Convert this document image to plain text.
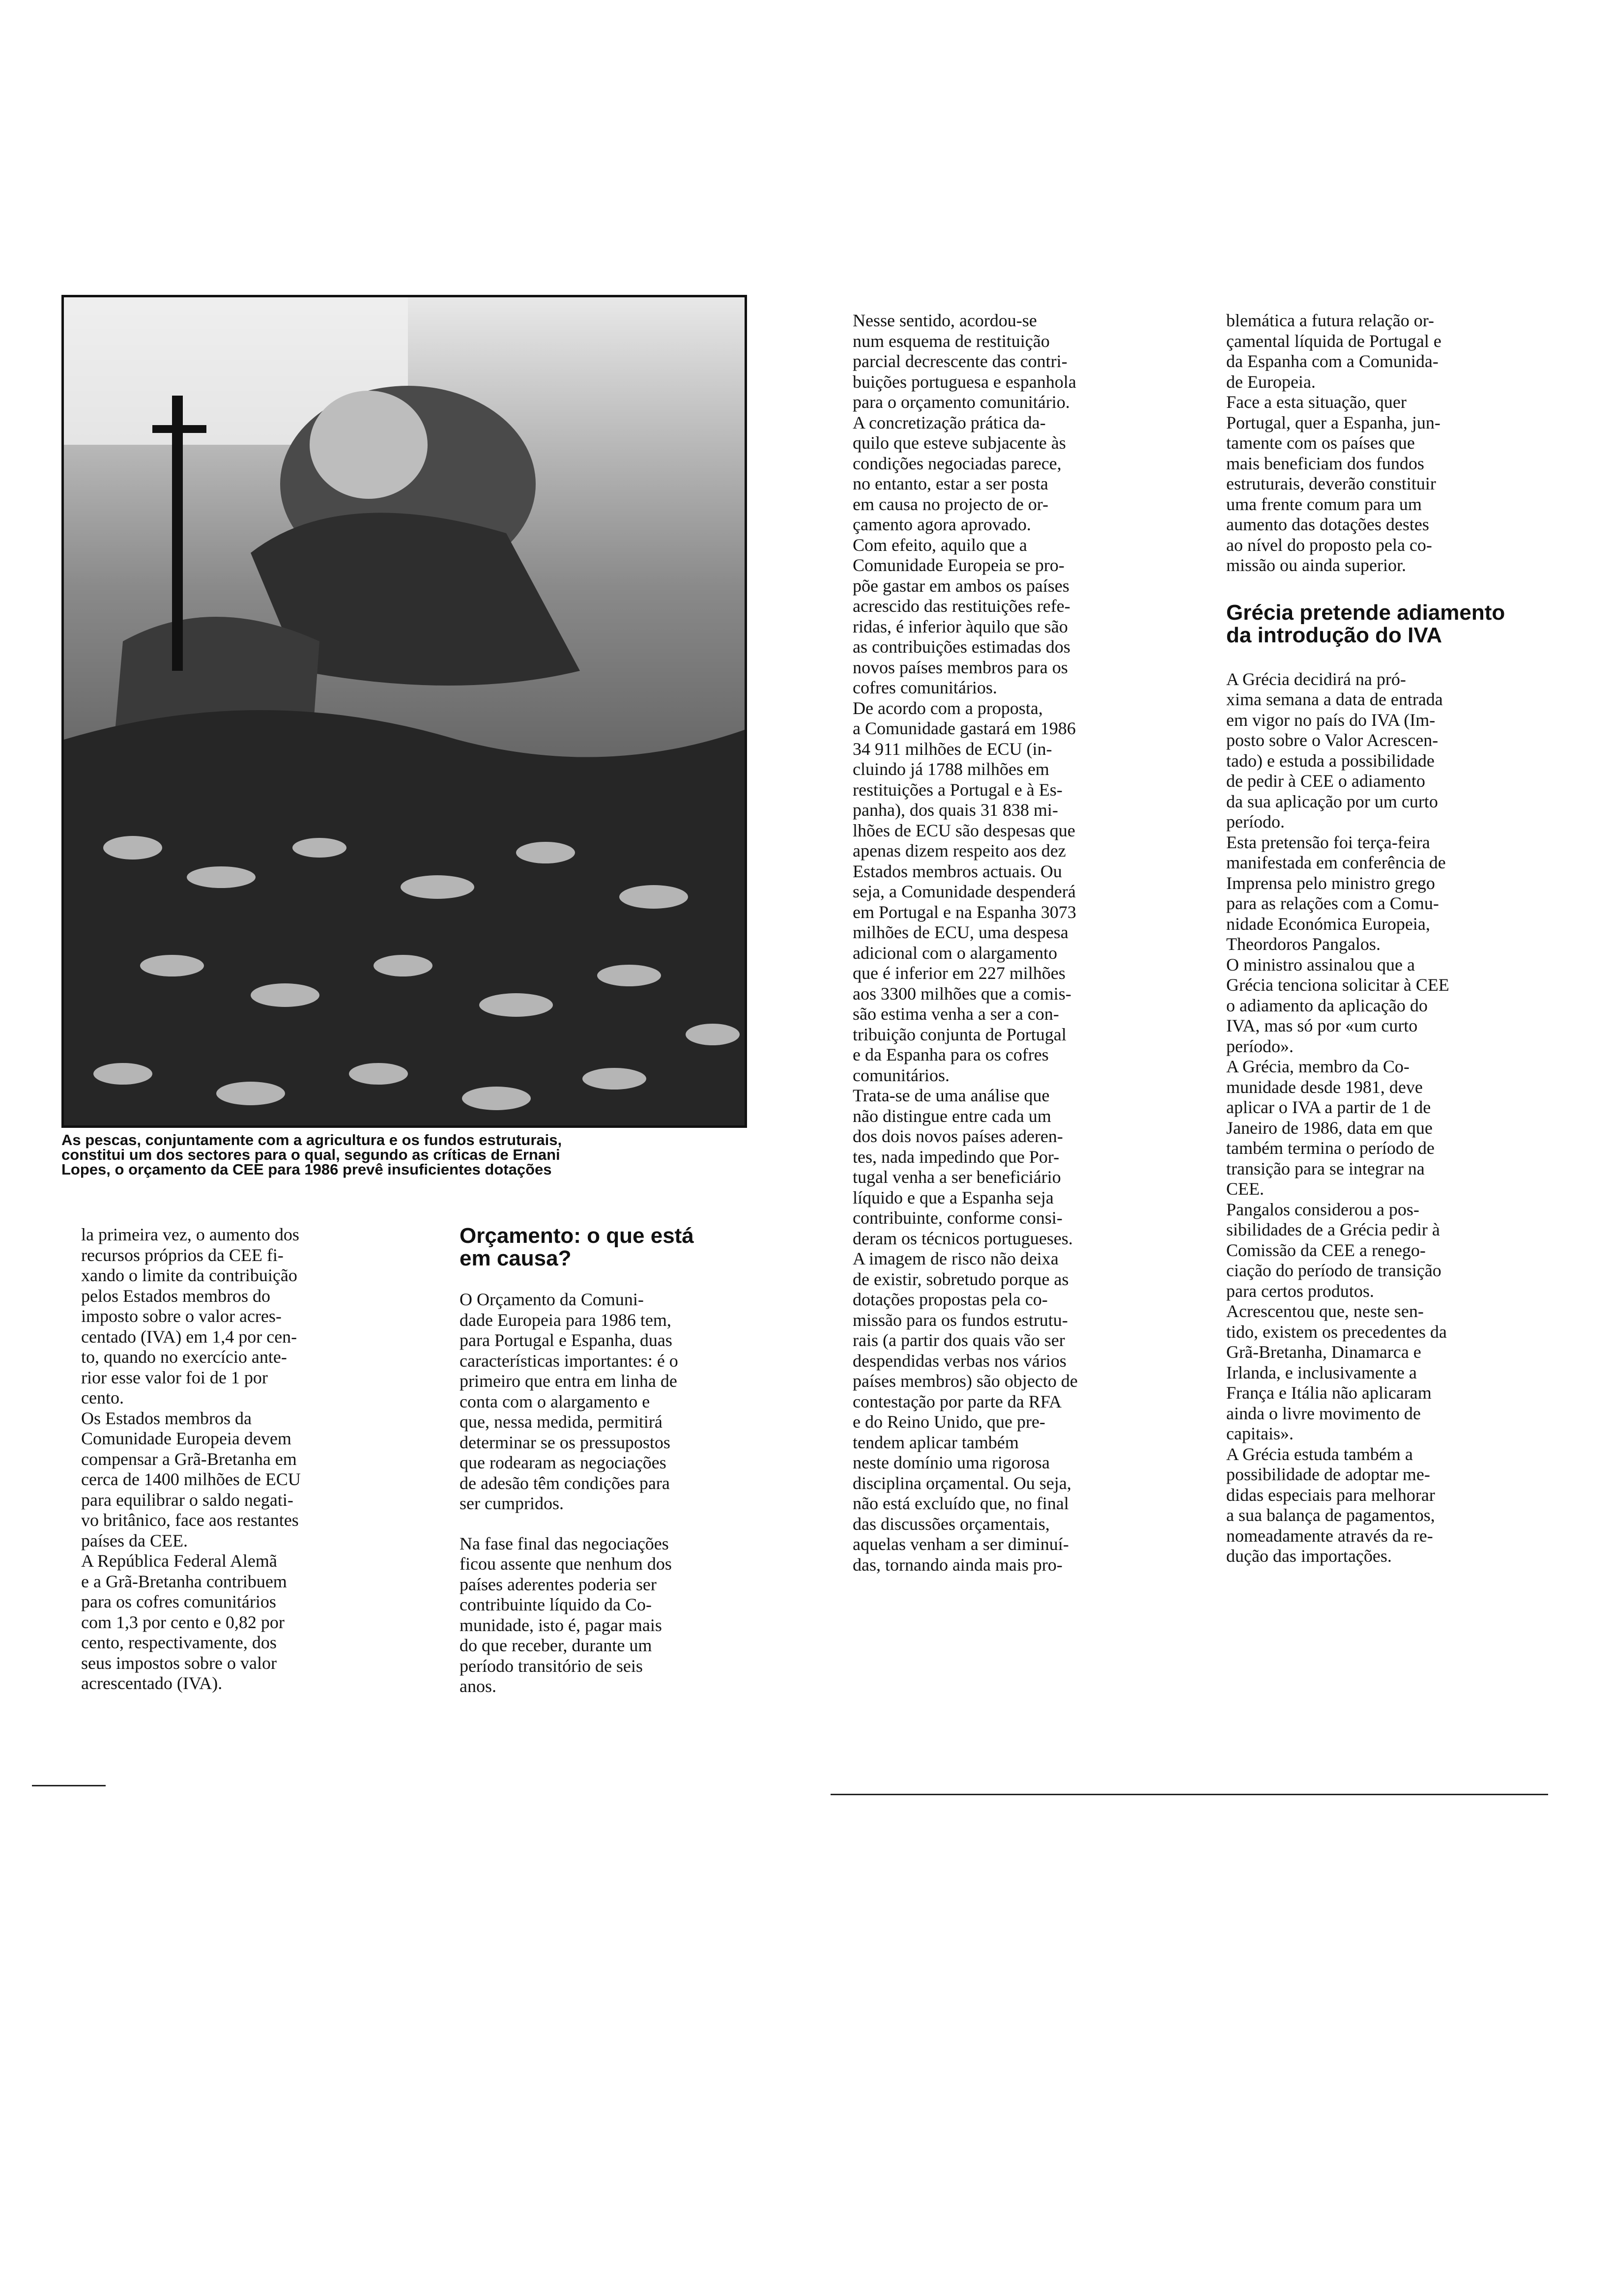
As pescas, conjuntamente com a agricultura e os fundos estruturais,

constitui um dos sectores para o qual, segundo as críticas de Ernani

Lopes, o orçamento da CEE para 1986 prevê insuficientes dotações

la primeira vez, o aumento dos

recursos próprios da CEE fi-

xando o limite da contribuição

pelos Estados membros do

imposto sobre o valor acres-

centado (IVA) em 1,4 por cen-

to, quando no exercício ante-

rior esse valor foi de 1 por

cento.

Os Estados membros da

Comunidade Europeia devem

compensar a Grã-Bretanha em

cerca de 1400 milhões de ECU

para equilibrar o saldo negati-

vo britânico, face aos restantes

países da CEE.

A República Federal Alemã

e a Grã-Bretanha contribuem

para os cofres comunitários

com 1,3 por cento e 0,82 por

cento, respectivamente, dos

seus impostos sobre o valor

acrescentado (IVA).

Orçamento: o que está

em causa?

O Orçamento da Comuni-

dade Europeia para 1986 tem,

para Portugal e Espanha, duas

características importantes: é o

primeiro que entra em linha de

conta com o alargamento e

que, nessa medida, permitirá

determinar se os pressupostos

que rodearam as negociações

de adesão têm condições para

ser cumpridos.

Na fase final das negociações

ficou assente que nenhum dos

países aderentes poderia ser

contribuinte líquido da Co-

munidade, isto é, pagar mais

do que receber, durante um

período transitório de seis

anos.

Nesse sentido, acordou-se

num esquema de restituição

parcial decrescente das contri-

buições portuguesa e espanhola

para o orçamento comunitário.

A concretização prática da-

quilo que esteve subjacente às

condições negociadas parece,

no entanto, estar a ser posta

em causa no projecto de or-

çamento agora aprovado.

Com efeito, aquilo que a

Comunidade Europeia se pro-

põe gastar em ambos os países

acrescido das restituições refe-

ridas, é inferior àquilo que são

as contribuições estimadas dos

novos países membros para os

cofres comunitários.

De acordo com a proposta,

a Comunidade gastará em 1986

34 911 milhões de ECU (in-

cluindo já 1788 milhões em

restituições a Portugal e à Es-

panha), dos quais 31 838 mi-

lhões de ECU são despesas que

apenas dizem respeito aos dez

Estados membros actuais. Ou

seja, a Comunidade despenderá

em Portugal e na Espanha 3073

milhões de ECU, uma despesa

adicional com o alargamento

que é inferior em 227 milhões

aos 3300 milhões que a comis-

são estima venha a ser a con-

tribuição conjunta de Portugal

e da Espanha para os cofres

comunitários.

Trata-se de uma análise que

não distingue entre cada um

dos dois novos países aderen-

tes, nada impedindo que Por-

tugal venha a ser beneficiário

líquido e que a Espanha seja

contribuinte, conforme consi-

deram os técnicos portugueses.

A imagem de risco não deixa

de existir, sobretudo porque as

dotações propostas pela co-

missão para os fundos estrutu-

rais (a partir dos quais vão ser

despendidas verbas nos vários

países membros) são objecto de

contestação por parte da RFA

e do Reino Unido, que pre-

tendem aplicar também

neste domínio uma rigorosa

disciplina orçamental. Ou seja,

não está excluído que, no final

das discussões orçamentais,

aquelas venham a ser diminuí-

das, tornando ainda mais pro-

blemática a futura relação or-

çamental líquida de Portugal e

da Espanha com a Comunida-

de Europeia.

Face a esta situação, quer

Portugal, quer a Espanha, jun-

tamente com os países que

mais beneficiam dos fundos

estruturais, deverão constituir

uma frente comum para um

aumento das dotações destes

ao nível do proposto pela co-

missão ou ainda superior.

Grécia pretende adiamento

da introdução do IVA

A Grécia decidirá na pró-

xima semana a data de entrada

em vigor no país do IVA (Im-

posto sobre o Valor Acrescen-

tado) e estuda a possibilidade

de pedir à CEE o adiamento

da sua aplicação por um curto

período.

Esta pretensão foi terça-feira

manifestada em conferência de

Imprensa pelo ministro grego

para as relações com a Comu-

nidade Económica Europeia,

Theordoros Pangalos.

O ministro assinalou que a

Grécia tenciona solicitar à CEE

o adiamento da aplicação do

IVA, mas só por «um curto

período».

A Grécia, membro da Co-

munidade desde 1981, deve

aplicar o IVA a partir de 1 de

Janeiro de 1986, data em que

também termina o período de

transição para se integrar na

CEE.

Pangalos considerou a pos-

sibilidades de a Grécia pedir à

Comissão da CEE a renego-

ciação do período de transição

para certos produtos.

Acrescentou que, neste sen-

tido, existem os precedentes da

Grã-Bretanha, Dinamarca e

Irlanda, e inclusivamente a

França e Itália não aplicaram

ainda o livre movimento de

capitais».

A Grécia estuda também a

possibilidade de adoptar me-

didas especiais para melhorar

a sua balança de pagamentos,

nomeadamente através da re-

dução das importações.
